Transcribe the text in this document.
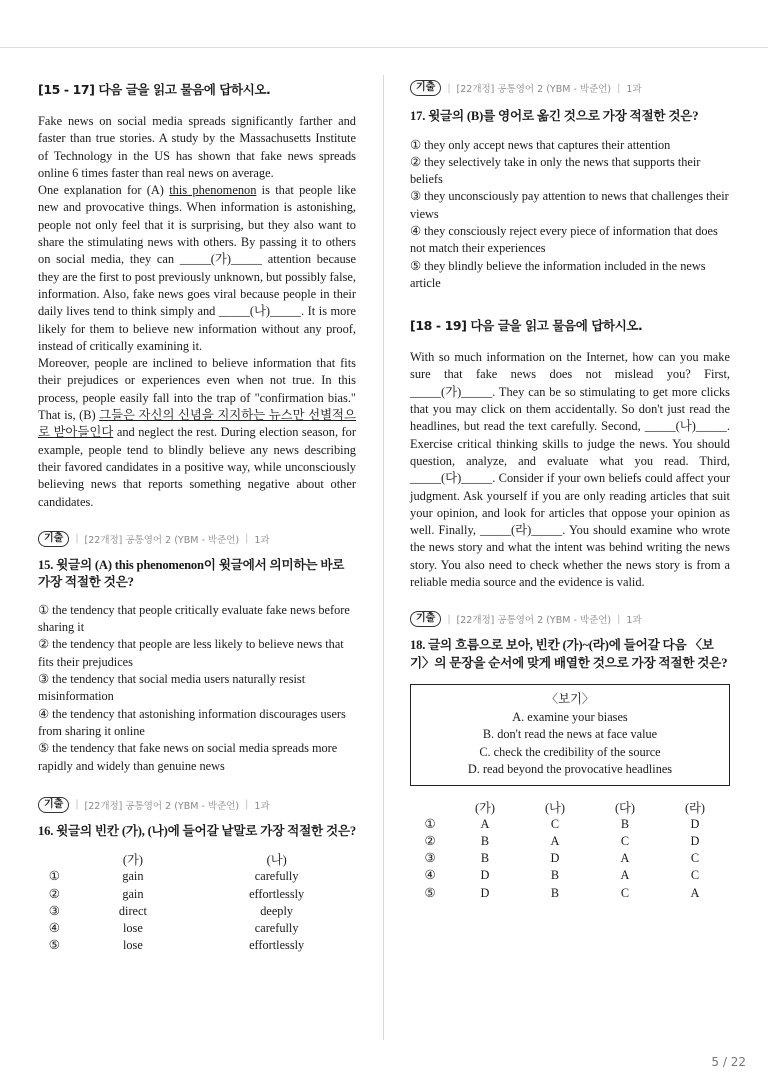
[15 - 17] 다음 글을 읽고 물음에 답하시오.

Fake news on social media spreads significantly farther and faster than true stories. A study by the Massachusetts Institute of Technology in the US has shown that fake news spreads online 6 times faster than real news on average.

One explanation for (A) this phenomenon is that people like new and provocative things. When information is astonishing, people not only feel that it is surprising, but they also want to share the stimulating news with others. By passing it to others on social media, they can _____(가)_____ attention because they are the first to post previously unknown, but possibly false, information. Also, fake news goes viral because people in their daily lives tend to think simply and _____(나)_____. It is more likely for them to believe new information without any proof, instead of critically examining it.

Moreover, people are inclined to believe information that fits their prejudices or experiences even when not true. In this process, people easily fall into the trap of "confirmation bias." That is, (B) 그들은 자신의 신념을 지지하는 뉴스만 선별적으로 받아들인다 and neglect the rest. During election season, for example, people tend to blindly believe any news describing their favored candidates in a positive way, while unconsciously believing news that reports something negative about other candidates.

기출	| [22개정] 공통영어 2 (YBM - 박준언) | 1과
15. 윗글의 (A) this phenomenon이 윗글에서 의미하는 바로 가장 적절한 것은?
① the tendency that people critically evaluate fake news before sharing it
② the tendency that people are less likely to believe news that fits their prejudices
③ the tendency that social media users naturally resist misinformation
④ the tendency that astonishing information discourages users from sharing it online
⑤ the tendency that fake news on social media spreads more rapidly and widely than genuine news
기출	| [22개정] 공통영어 2 (YBM - 박준언) | 1과
16. 윗글의 빈칸 (가), (나)에 들어갈 낱말로 가장 적절한 것은?
	(가)	(나)
①	gain	carefully
②	gain	effortlessly
③	direct	deeply
④	lose	carefully
⑤	lose	effortlessly
기출	| [22개정] 공통영어 2 (YBM - 박준언) | 1과
17. 윗글의 (B)를 영어로 옮긴 것으로 가장 적절한 것은?
① they only accept news that captures their attention
② they selectively take in only the news that supports their beliefs
③ they unconsciously pay attention to news that challenges their views
④ they consciously reject every piece of information that does not match their experiences
⑤ they blindly believe the information included in the news article
[18 - 19] 다음 글을 읽고 물음에 답하시오.

With so much information on the Internet, how can you make sure that fake news does not mislead you? First, _____(가)_____. They can be so stimulating to get more clicks that you may click on them accidentally. So don't just read the headlines, but read the text carefully. Second, _____(나)_____. Exercise critical thinking skills to judge the news. You should question, analyze, and evaluate what you read. Third, _____(다)_____. Consider if your own beliefs could affect your judgment. Ask yourself if you are only reading articles that suit your opinion, and look for articles that oppose your opinion as well. Finally, _____(라)_____. You should examine who wrote the news story and what the intent was behind writing the news story. You also need to check whether the news story is from a reliable media source and the evidence is valid.

기출	| [22개정] 공통영어 2 (YBM - 박준언) | 1과
18. 글의 흐름으로 보아, 빈칸 (가)~(라)에 들어갈 다음 〈보기〉의 문장을 순서에 맞게 배열한 것으로 가장 적절한 것은?
〈보기〉
A. examine your biases
B. don't read the news at face value
C. check the credibility of the source
D. read beyond the provocative headlines
	(가)	(나)	(다)	(라)
①	A	C	B	D
②	B	A	C	D
③	B	D	A	C
④	D	B	A	C
⑤	D	B	C	A
5 / 22
